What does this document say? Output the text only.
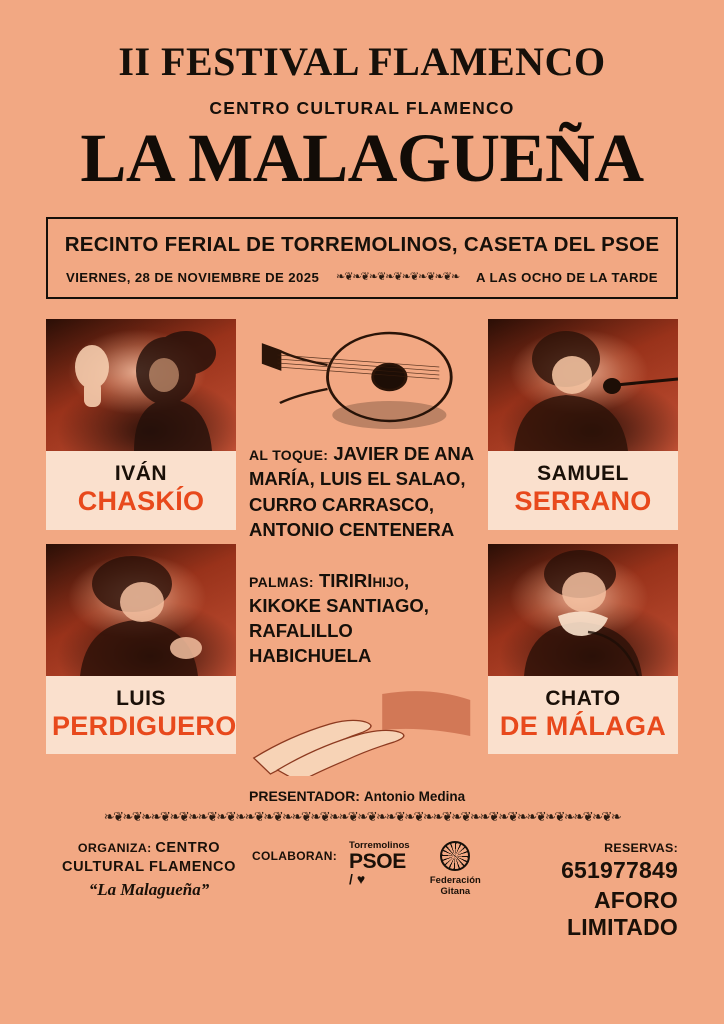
II FESTIVAL FLAMENCO
CENTRO CULTURAL FLAMENCO
LA MALAGUEÑA
RECINTO FERIAL DE TORREMOLINOS, CASETA DEL PSOE
VIERNES, 28 DE NOVIEMBRE DE 2025	❧❦❧❦❧❦❧❦❧❦❧❦❧❦❧	A LAS OCHO DE LA TARDE
IVÁN
CHASKÍO
LUIS
PERDIGUERO
AL TOQUE: JAVIER DE ANA MARÍA, LUIS EL SALAO, CURRO CARRASCO, ANTONIO CENTENERA
PALMAS: TIRIRIHIJO, KIKOKE SANTIAGO, RAFALILLO HABICHUELA
PRESENTADOR: Antonio Medina
SAMUEL
SERRANO
CHATO
DE MÁLAGA
❧❦❧❦❧❧❦❧❦❧❧❦❧❦❧❧❦❧❦❧❧❦❧❦❧❧❦❧❦❧❧❦❧❦❧❧❦❧❦❧❧❦❧❦❧❧❦❧❦❧❧❦❧❦❧
ORGANIZA: CENTRO CULTURAL FLAMENCO
“La Malagueña”
COLABORAN:
Torremolinos
PSOE
/ ♥	Federación Gitana
RESERVAS: 651977849
AFORO LIMITADO
